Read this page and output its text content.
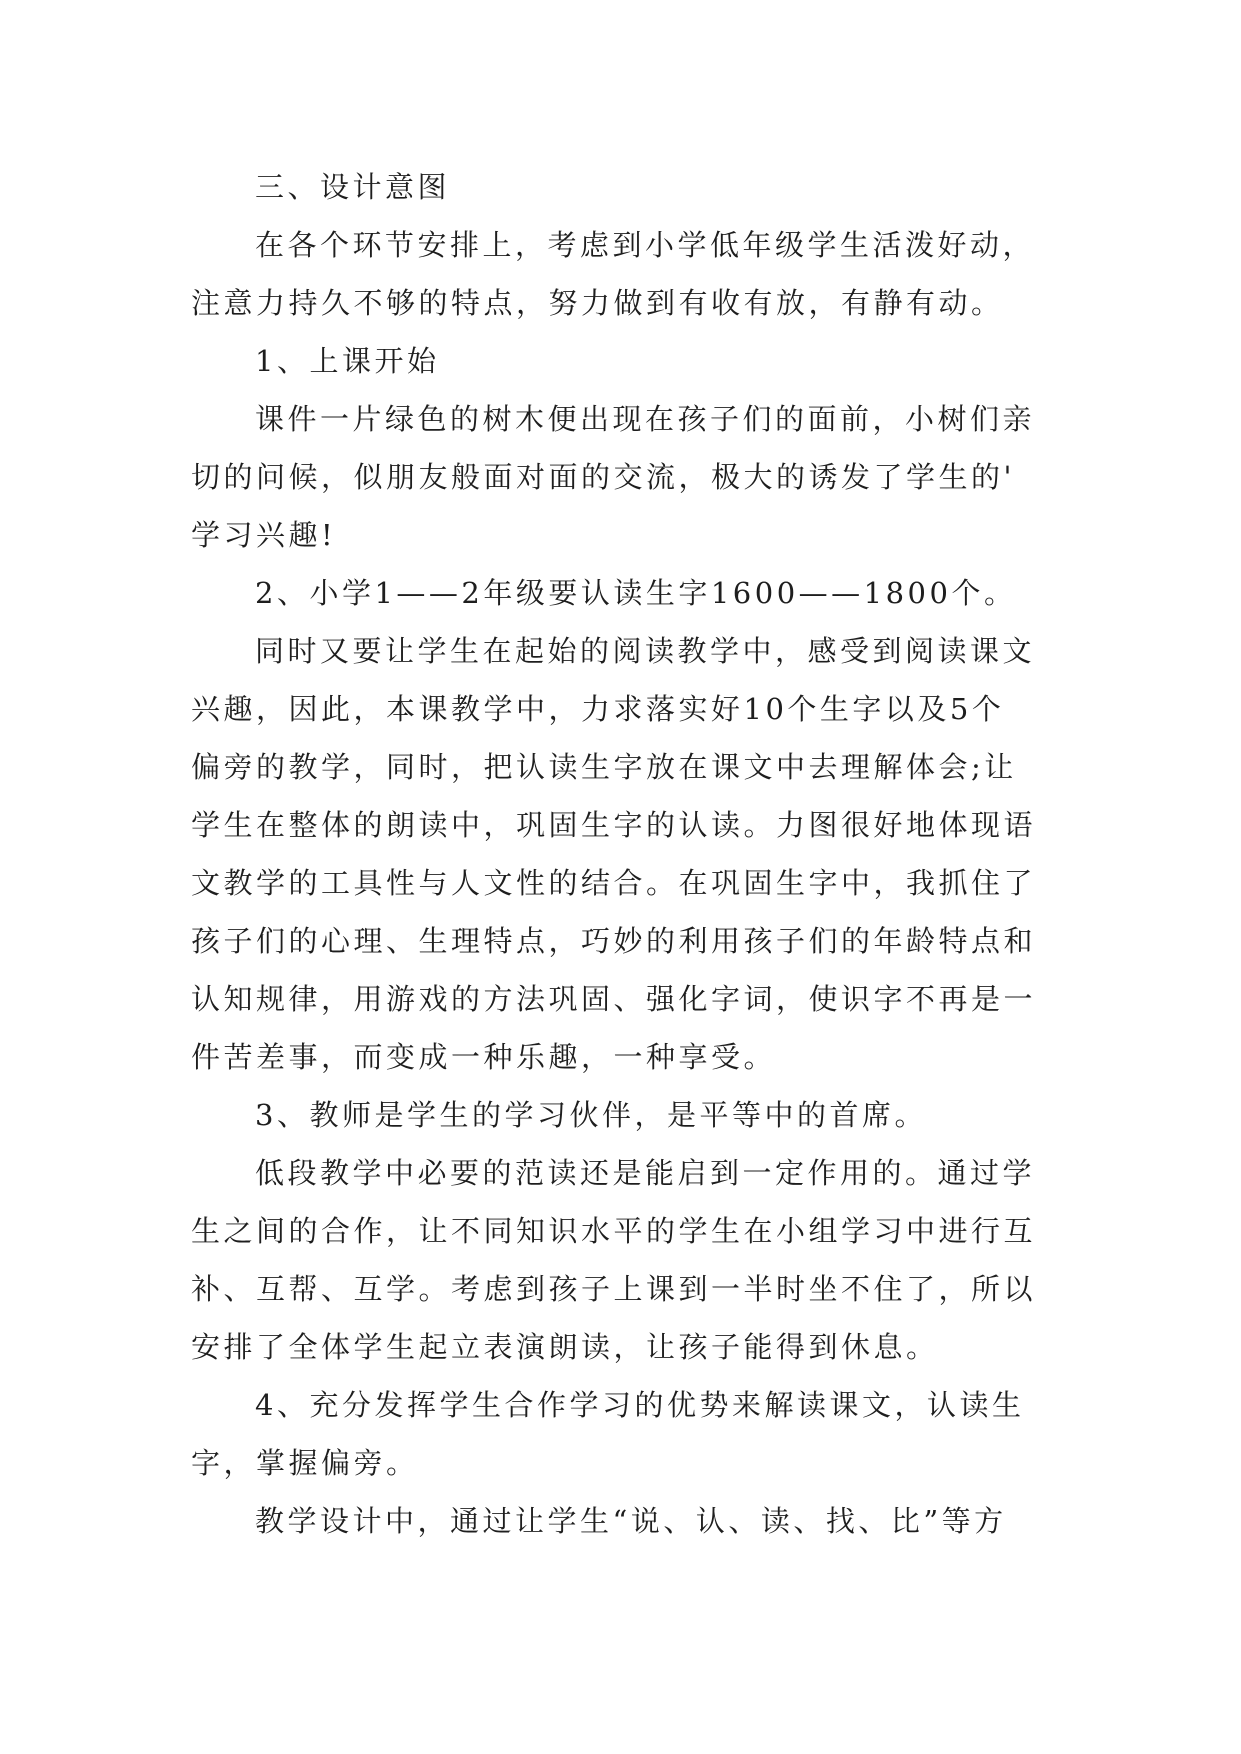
三、设计意图
在各个环节安排上，考虑到小学低年级学生活泼好动，
注意力持久不够的特点，努力做到有收有放，有静有动。
1、上课开始
课件一片绿色的树木便出现在孩子们的面前，小树们亲
切的问候，似朋友般面对面的交流，极大的诱发了学生的'
学习兴趣!
2、小学1——2年级要认读生字1600——1800个。
同时又要让学生在起始的阅读教学中，感受到阅读课文
兴趣，因此，本课教学中，力求落实好10个生字以及5个
偏旁的教学，同时，把认读生字放在课文中去理解体会;让
学生在整体的朗读中，巩固生字的认读。力图很好地体现语
文教学的工具性与人文性的结合。在巩固生字中，我抓住了
孩子们的心理、生理特点，巧妙的利用孩子们的年龄特点和
认知规律，用游戏的方法巩固、强化字词，使识字不再是一
件苦差事，而变成一种乐趣，一种享受。
3、教师是学生的学习伙伴，是平等中的首席。
低段教学中必要的范读还是能启到一定作用的。通过学
生之间的合作，让不同知识水平的学生在小组学习中进行互
补、互帮、互学。考虑到孩子上课到一半时坐不住了，所以
安排了全体学生起立表演朗读，让孩子能得到休息。
4、充分发挥学生合作学习的优势来解读课文，认读生
字，掌握偏旁。
教学设计中，通过让学生“说、认、读、找、比”等方
